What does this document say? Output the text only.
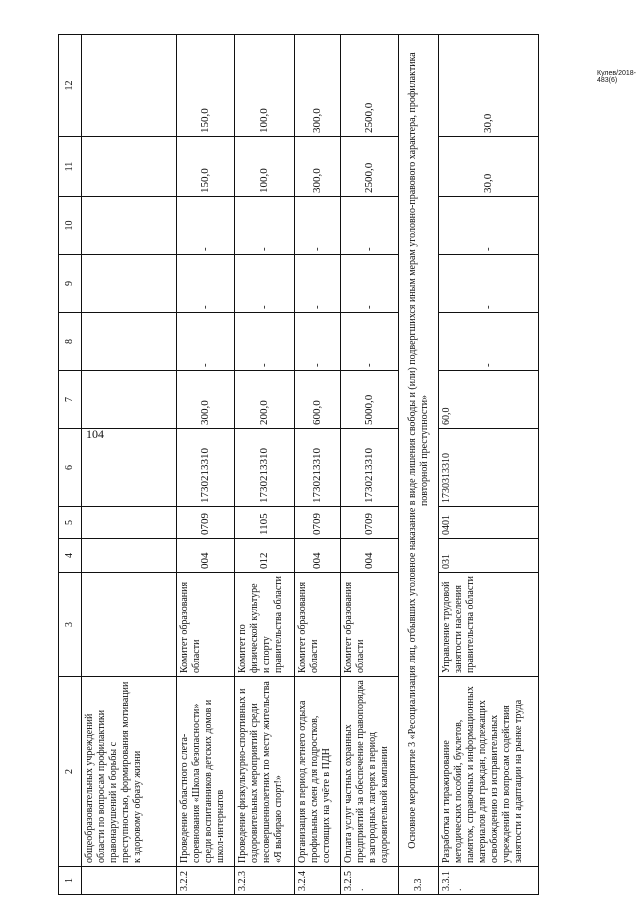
104
Кулев/2018-483(6)
1	2	3	4	5	6	7	8	9	10	11	12
	общеобразовательных учреждений области по вопросам профилактики правонарушений и борьбы с преступностью, формирования мотивации к здоровому образу жизни										
3.2.2	Проведение областного слета-соревнования «Школа безопасности» среди воспитанников детских домов и школ-интернатов	Комитет образования области	004	0709	1730213310	300,0	-	-	-	150,0	150,0
3.2.3	Проведение физкультурно-спортивных и оздоровительных мероприятий среди несовершеннолетних по месту жительства «Я выбираю спорт!»	Комитет по физической культуре и спорту правительства области	012	1105	1730213310	200,0	-	-	-	100,0	100,0
3.2.4	Организация в период летнего отдыха профильных смен для подростков, состоящих на учёте в ПДН	Комитет образования области	004	0709	1730213310	600,0	-	-	-	300,0	300,0
3.2.5.	Оплата услуг частных охранных предприятий за обеспечение правопорядка в загородных лагерях в период оздоровительной кампании	Комитет образования области	004	0709	1730213310	5000,0	-	-	-	2500,0	2500,0
3.3	Основное мероприятие 3 «Ресоциализация лиц, отбывших уголовное наказание в виде лишения свободы и (или) подвергшихся иным мерам уголовно-правового характера, профилактика повторной преступности»										
3.3.1.	Разработка и тиражирование методических пособий, буклетов, памяток, справочных и информационных материалов для граждан, подлежащих освобождению из исправительных учреждений по вопросам содействия занятости и адаптации на рынке труда	Управление трудовой занятости населения правительства области	031	0401	1730313310	60,0	-	-	-	30,0	30,0
